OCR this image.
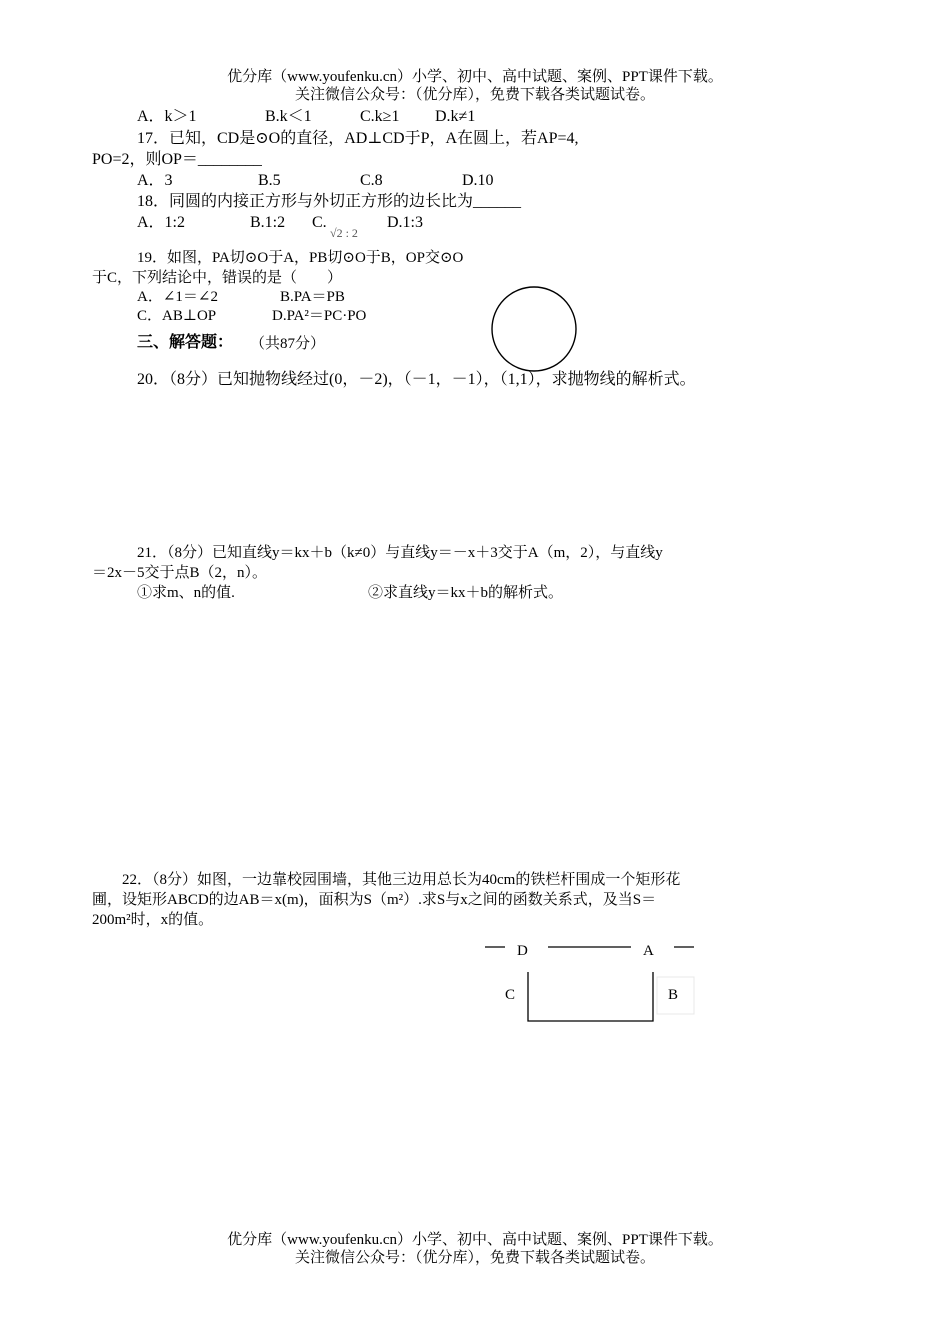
优分库（www.youfenku.cn）小学、初中、高中试题、案例、PPT课件下载。
关注微信公众号：（优分库），免费下载各类试题试卷。
A．k＞1	B.k＜1	C.k≥1 D.k≠1
17．已知，CD是⊙O的直径，AD⊥CD于P，A在圆上，若AP=4,
PO=2，则OP＝________
A．3	B.5	C.8	D.10
18．同圆的内接正方形与外切正方形的边长比为______
A．1:2	B.1:2 C.
√2 : 2
D.1:3
19．如图，PA切⊙O于A，PB切⊙O于B，OP交⊙O
于C，下列结论中，错误的是（　　）
A．∠1＝∠2	B.PA＝PB
C．AB⊥OP	D.PA²＝PC·PO
三、解答题： （共87分）
20．（8分）已知抛物线经过(0，－2)，（－1，－1），（1,1），求抛物线的解析式。
21．（8分）已知直线y＝kx＋b（k≠0）与直线y＝－x＋3交于A（m，2），与直线y
＝2x－5交于点B（2，n）。
①求m、n的值.	②求直线y＝kx＋b的解析式。
22．（8分）如图，一边靠校园围墙，其他三边用总长为40cm的铁栏杆围成一个矩形花
圃，设矩形ABCD的边AB＝x(m)，面积为S（m²）.求S与x之间的函数关系式，及当S＝
200m²时，x的值。
D	A
C	B
优分库（www.youfenku.cn）小学、初中、高中试题、案例、PPT课件下载。
关注微信公众号：（优分库），免费下载各类试题试卷。
